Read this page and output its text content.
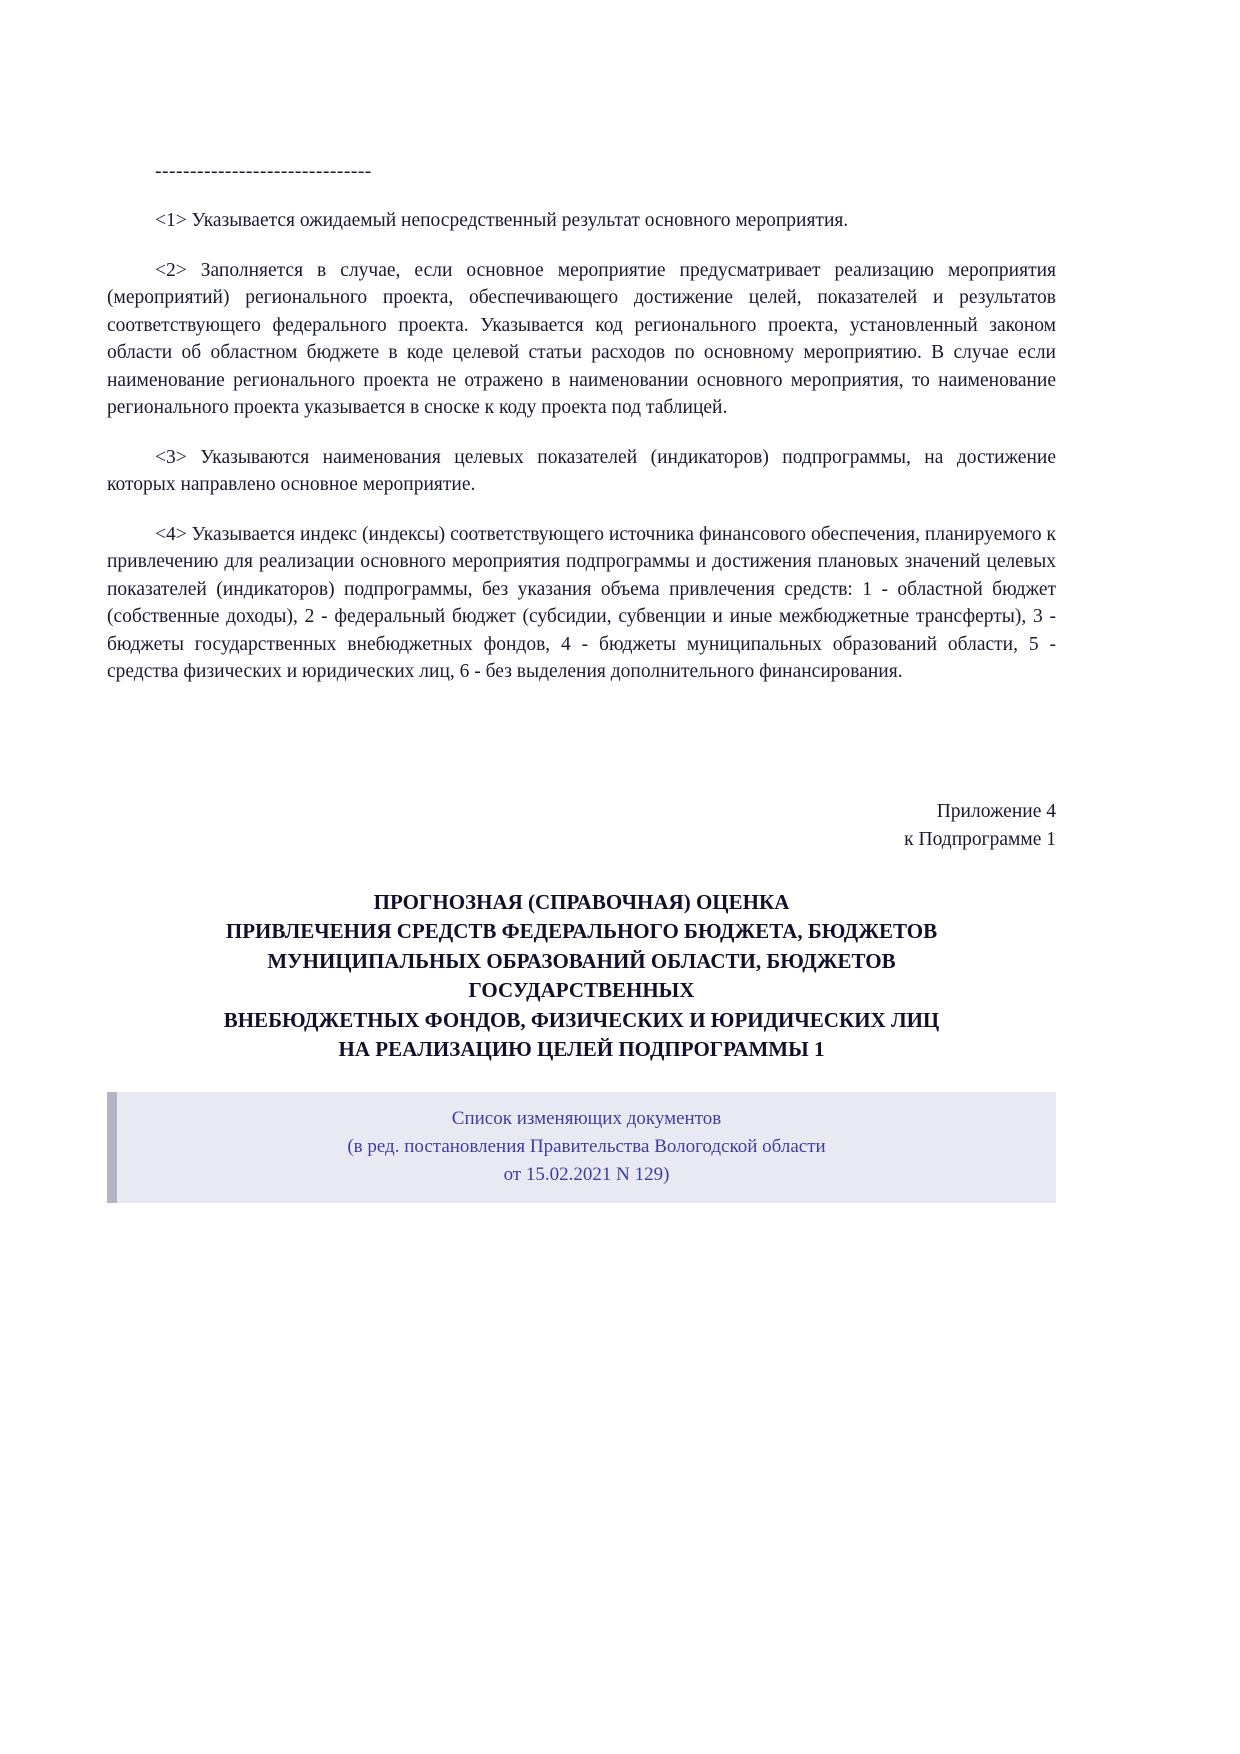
-------------------------------

<1> Указывается ожидаемый непосредственный результат основного мероприятия.

<2> Заполняется в случае, если основное мероприятие предусматривает реализацию мероприятия (мероприятий) регионального проекта, обеспечивающего достижение целей, показателей и результатов соответствующего федерального проекта. Указывается код регионального проекта, установленный законом области об областном бюджете в коде целевой статьи расходов по основному мероприятию. В случае если наименование регионального проекта не отражено в наименовании основного мероприятия, то наименование регионального проекта указывается в сноске к коду проекта под таблицей.

<3> Указываются наименования целевых показателей (индикаторов) подпрограммы, на достижение которых направлено основное мероприятие.

<4> Указывается индекс (индексы) соответствующего источника финансового обеспечения, планируемого к привлечению для реализации основного мероприятия подпрограммы и достижения плановых значений целевых показателей (индикаторов) подпрограммы, без указания объема привлечения средств: 1 - областной бюджет (собственные доходы), 2 - федеральный бюджет (субсидии, субвенции и иные межбюджетные трансферты), 3 - бюджеты государственных внебюджетных фондов, 4 - бюджеты муниципальных образований области, 5 - средства физических и юридических лиц, 6 - без выделения дополнительного финансирования.

Приложение 4
к Подпрограмме 1
ПРОГНОЗНАЯ (СПРАВОЧНАЯ) ОЦЕНКА
ПРИВЛЕЧЕНИЯ СРЕДСТВ ФЕДЕРАЛЬНОГО БЮДЖЕТА, БЮДЖЕТОВ
МУНИЦИПАЛЬНЫХ ОБРАЗОВАНИЙ ОБЛАСТИ, БЮДЖЕТОВ
ГОСУДАРСТВЕННЫХ
ВНЕБЮДЖЕТНЫХ ФОНДОВ, ФИЗИЧЕСКИХ И ЮРИДИЧЕСКИХ ЛИЦ
НА РЕАЛИЗАЦИЮ ЦЕЛЕЙ ПОДПРОГРАММЫ 1
Список изменяющих документов
(в ред. постановления Правительства Вологодской области
от 15.02.2021 N 129)
